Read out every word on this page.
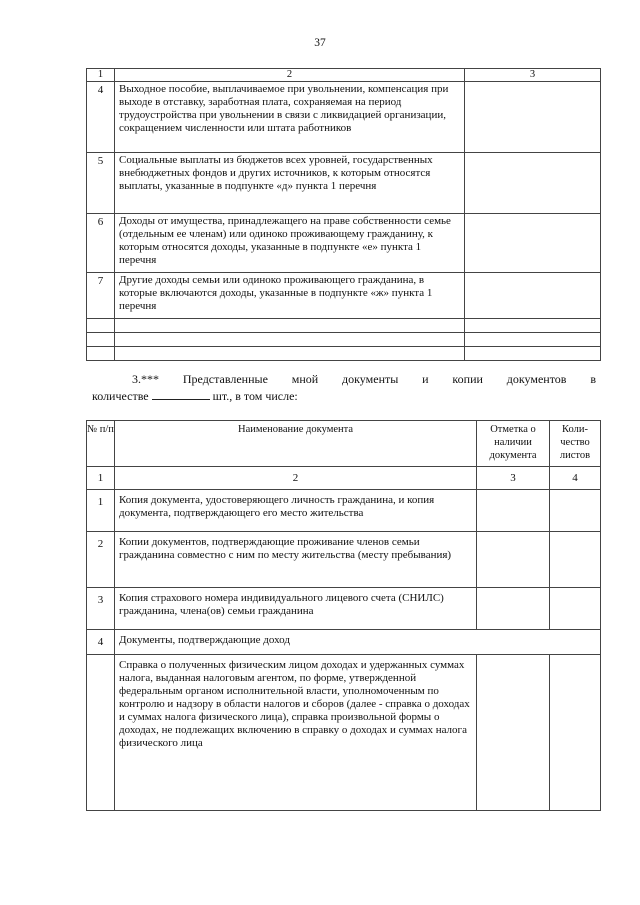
37
1	2	3
4	Выходное пособие, выплачиваемое при увольнении, компенсация при выходе в отставку, заработная плата, сохраняемая на период трудоустройства при увольнении в связи с ликвидацией организации, сокращением численности или штата работников	
5	Социальные выплаты из бюджетов всех уровней, государственных внебюджетных фондов и других источников, к которым относятся выплаты, указанные в подпункте «д» пункта 1 перечня	
6	Доходы от имущества, принадлежащего на праве собственности семье (отдельным ее членам) или одиноко проживающему гражданину, к которым относятся доходы, указанные в подпункте «е» пункта 1 перечня	
7	Другие доходы семьи или одиноко проживающего гражданина, в которые включаются доходы, указанные в подпункте «ж» пункта 1 перечня	

3.*** Представленные мной документы и копии документов в
количестве	шт., в том числе:
№ п/п	Наименование документа	Отметка о наличии документа	Коли-чество листов
1	2	3	4
1	Копия документа, удостоверяющего личность гражданина, и копия документа, подтверждающего его место жительства		
2	Копии документов, подтверждающие проживание членов семьи гражданина совместно с ним по месту жительства (месту пребывания)		
3	Копия страхового номера индивидуального лицевого счета (СНИЛС) гражданина, члена(ов) семьи гражданина		
4	Документы, подтверждающие доход		
	Справка о полученных физическим лицом доходах и удержанных суммах налога, выданная налоговым агентом, по форме, утвержденной федеральным органом исполнительной власти, уполномоченным по контролю и надзору в области налогов и сборов (далее - справка о доходах и суммах налога физического лица), справка произвольной формы о доходах, не подлежащих включению в справку о доходах и суммах налога физического лица		
